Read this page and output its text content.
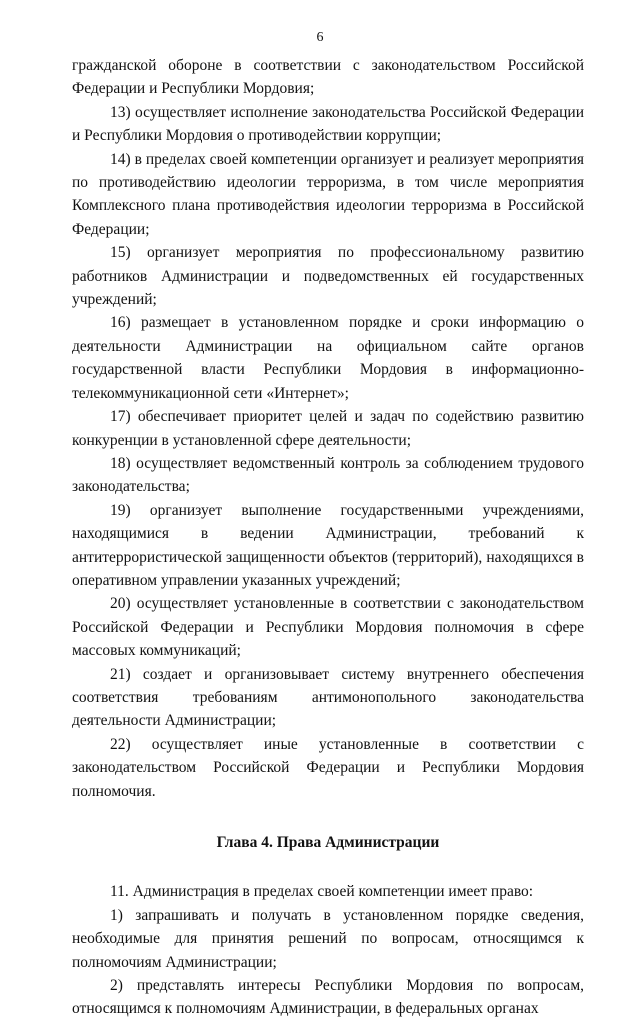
6

гражданской обороне в соответствии с законодательством Российской Федерации и Республики Мордовия;

13) осуществляет исполнение законодательства Российской Федерации и Республики Мордовия о противодействии коррупции;

14) в пределах своей компетенции организует и реализует мероприятия по противодействию идеологии терроризма, в том числе мероприятия Комплексного плана противодействия идеологии терроризма в Российской Федерации;

15) организует мероприятия по профессиональному развитию работников Администрации и подведомственных ей государственных учреждений;

16) размещает в установленном порядке и сроки информацию о деятельности Администрации на официальном сайте органов государственной власти Республики Мордовия в информационно-телекоммуникационной сети «Интернет»;

17) обеспечивает приоритет целей и задач по содействию развитию конкуренции в установленной сфере деятельности;

18) осуществляет ведомственный контроль за соблюдением трудового законодательства;

19) организует выполнение государственными учреждениями, находящимися в ведении Администрации, требований к антитеррористической защищенности объектов (территорий), находящихся в оперативном управлении указанных учреждений;

20) осуществляет установленные в соответствии с законодательством Российской Федерации и Республики Мордовия полномочия в сфере массовых коммуникаций;

21) создает и организовывает систему внутреннего обеспечения соответствия требованиям антимонопольного законодательства деятельности Администрации;

22) осуществляет иные установленные в соответствии с законодательством Российской Федерации и Республики Мордовия полномочия.

Глава 4. Права Администрации

11. Администрация в пределах своей компетенции имеет право:

1) запрашивать и получать в установленном порядке сведения, необходимые для принятия решений по вопросам, относящимся к полномочиям Администрации;

2) представлять интересы Республики Мордовия по вопросам, относящимся к полномочиям Администрации, в федеральных органах
